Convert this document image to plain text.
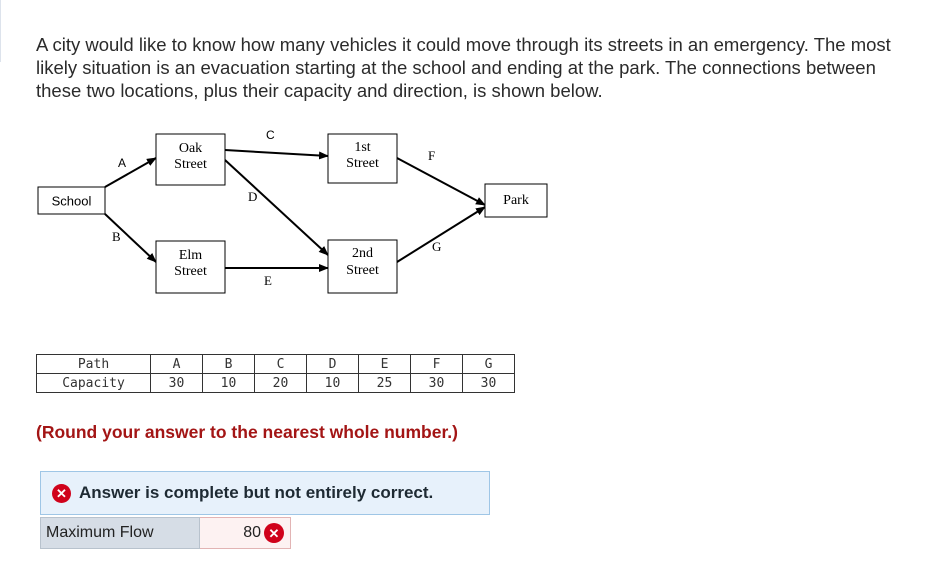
A city would like to know how many vehicles it could move through its streets in an emergency. The most likely situation is an evacuation starting at the school and ending at the park. The connections between these two locations, plus their capacity and direction, is shown below.
School
Oak
Street
Elm
Street
1st
Street
2nd
Street
Park
A
B
C
D
E
F
G
Path	A	B	C	D	E	F	G
Capacity	30	10	20	10	25	30	30
(Round your answer to the nearest whole number.)
✕ Answer is complete but not entirely correct.
Maximum Flow	80 ✕
